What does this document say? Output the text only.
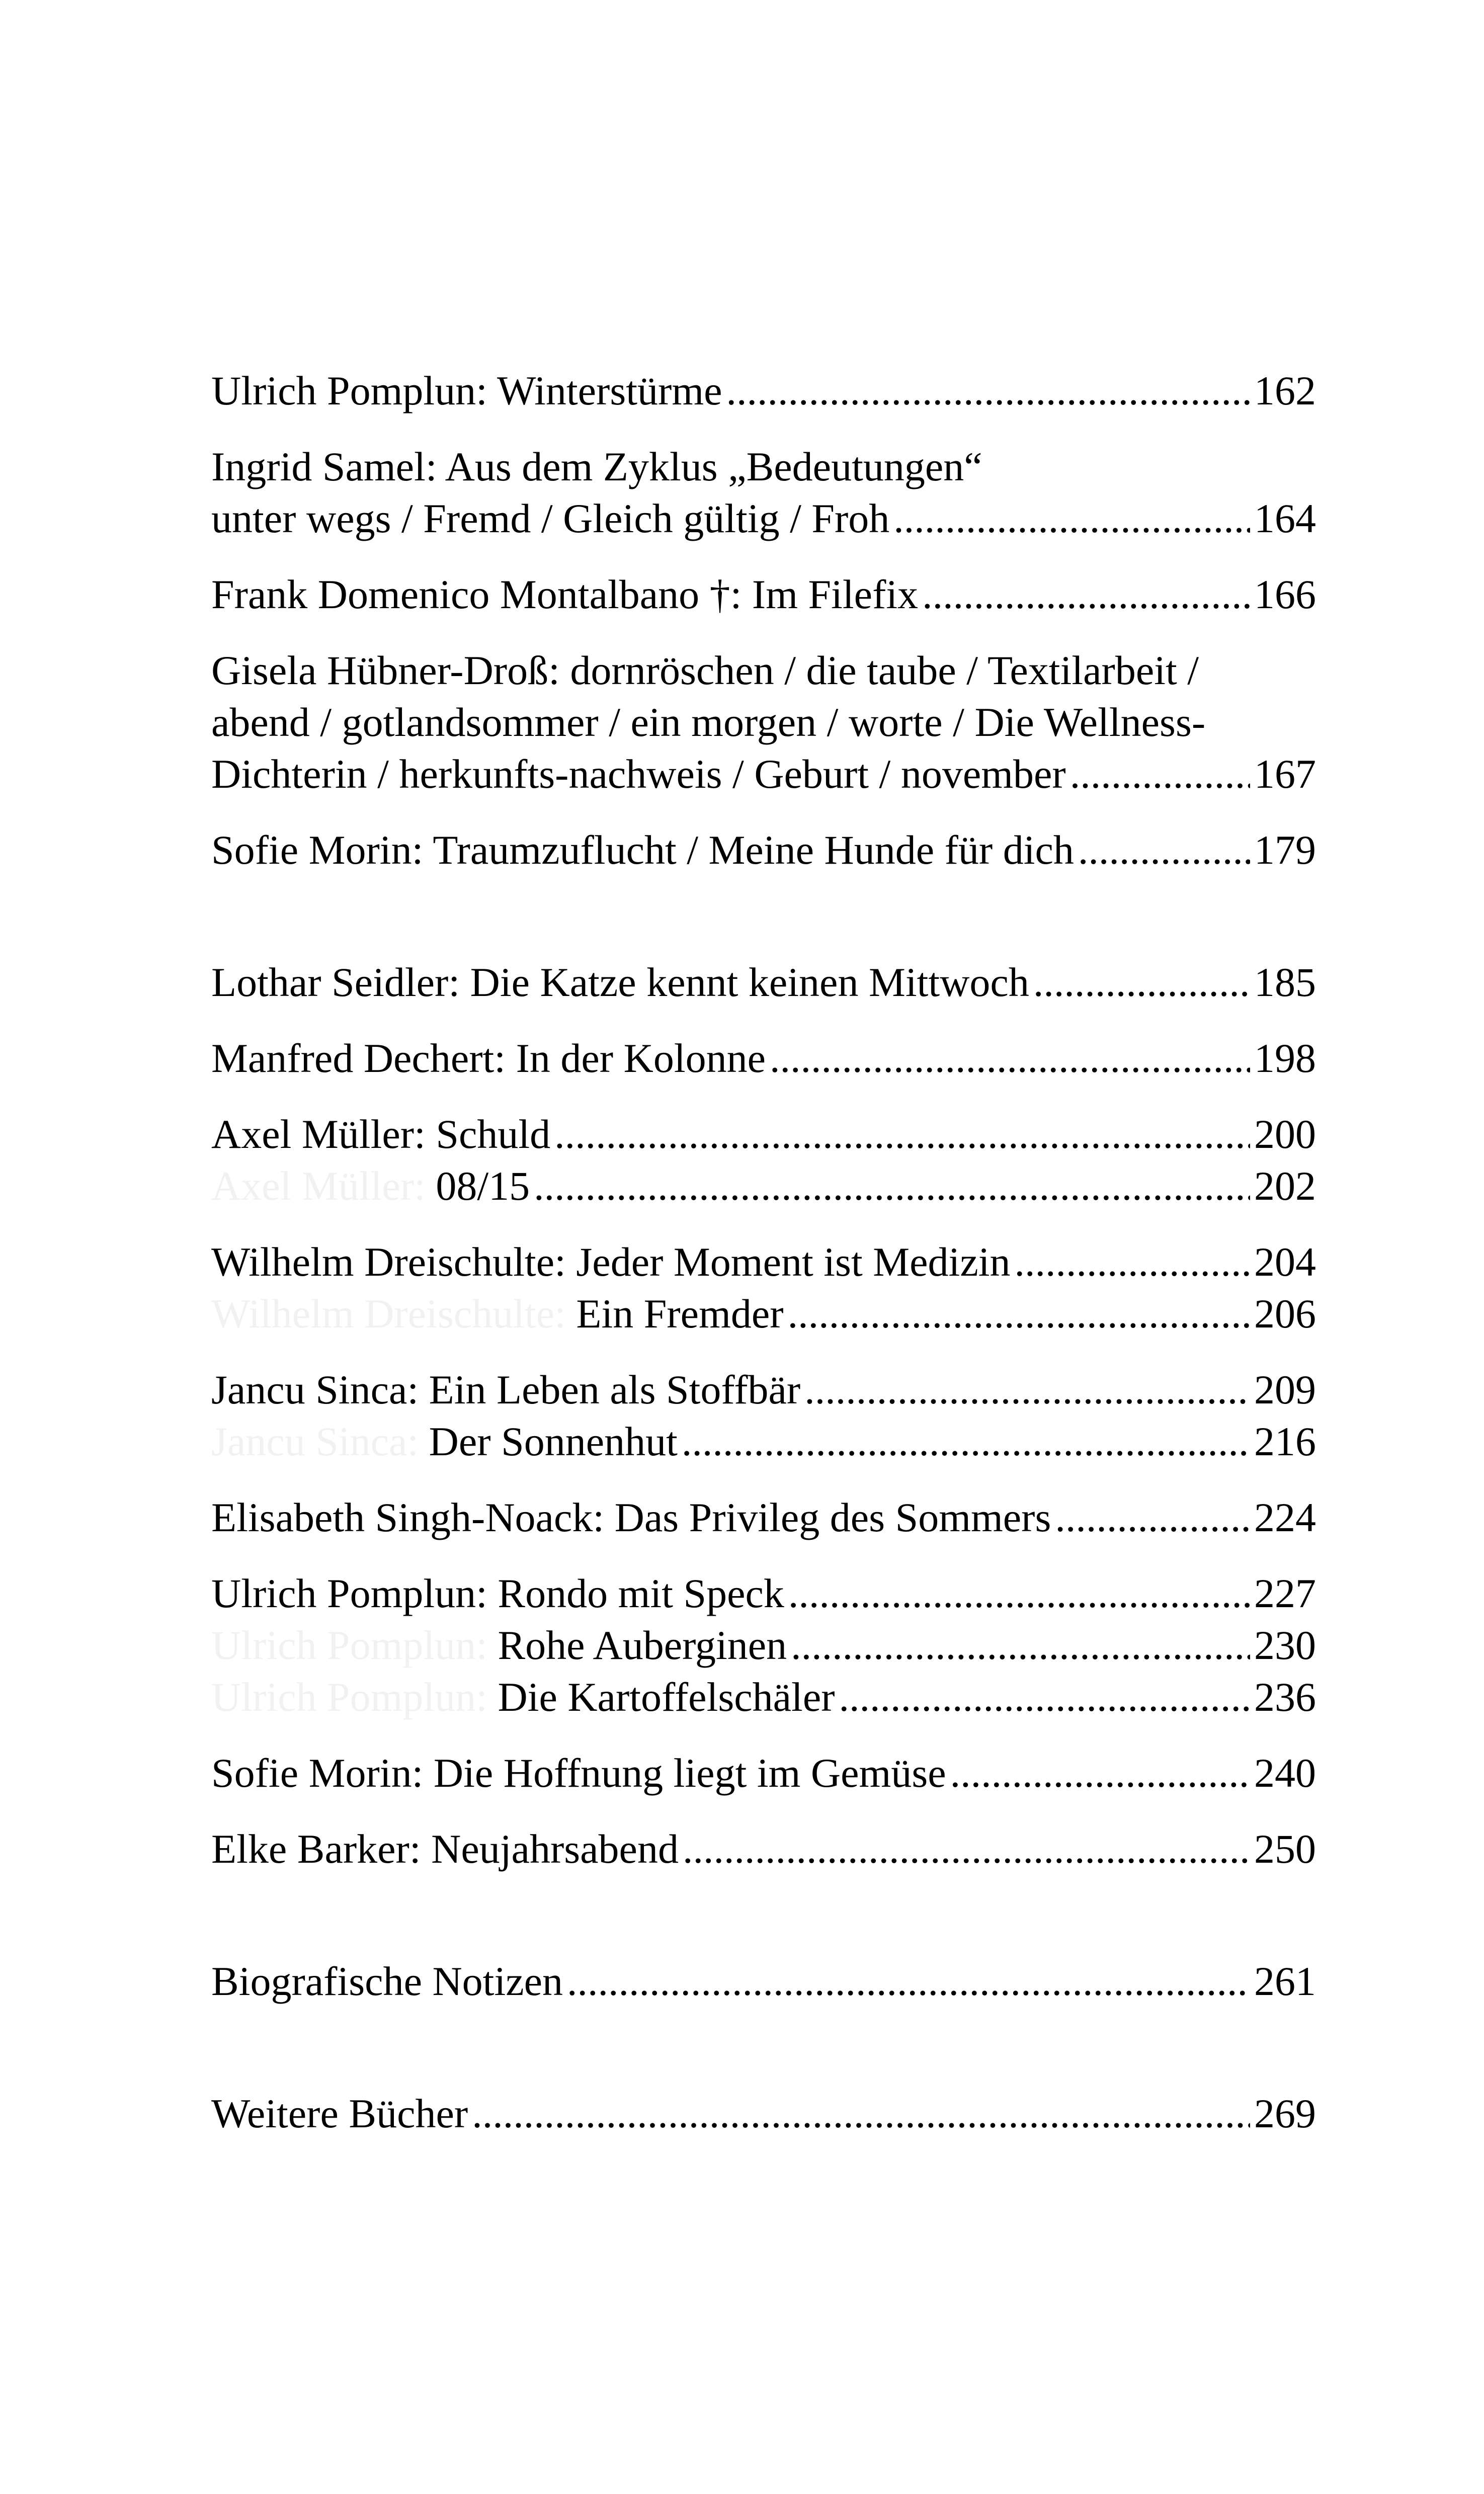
Ulrich Pomplun: Winterstürme .....	162
Ingrid Samel: Aus dem Zyklus „Bedeutungen“
unter wegs / Fremd / Gleich gültig / Froh .....	164
Frank Domenico Montalbano †: Im Filefix .....	166
Gisela Hübner-Droß: dornröschen / die taube / Textilarbeit /
abend / gotlandsommer / ein morgen / worte / Die Wellness-
Dichterin / herkunfts-nachweis / Geburt / november .....	167
Sofie Morin: Traumzuflucht / Meine Hunde für dich .....	179
Lothar Seidler: Die Katze kennt keinen Mittwoch .....	185
Manfred Dechert: In der Kolonne .....	198
Axel Müller: Schuld .....	200
Axel Müller: 08/15 .....	202
Wilhelm Dreischulte: Jeder Moment ist Medizin .....	204
Wilhelm Dreischulte: Ein Fremder .....	206
Jancu Sinca: Ein Leben als Stoffbär .....	209
Jancu Sinca: Der Sonnenhut .....	216
Elisabeth Singh-Noack: Das Privileg des Sommers .....	224
Ulrich Pomplun: Rondo mit Speck .....	227
Ulrich Pomplun: Rohe Auberginen .....	230
Ulrich Pomplun: Die Kartoffelschäler .....	236
Sofie Morin: Die Hoffnung liegt im Gemüse .....	240
Elke Barker: Neujahrsabend .....	250
Biografische Notizen .....	261
Weitere Bücher .....	269
